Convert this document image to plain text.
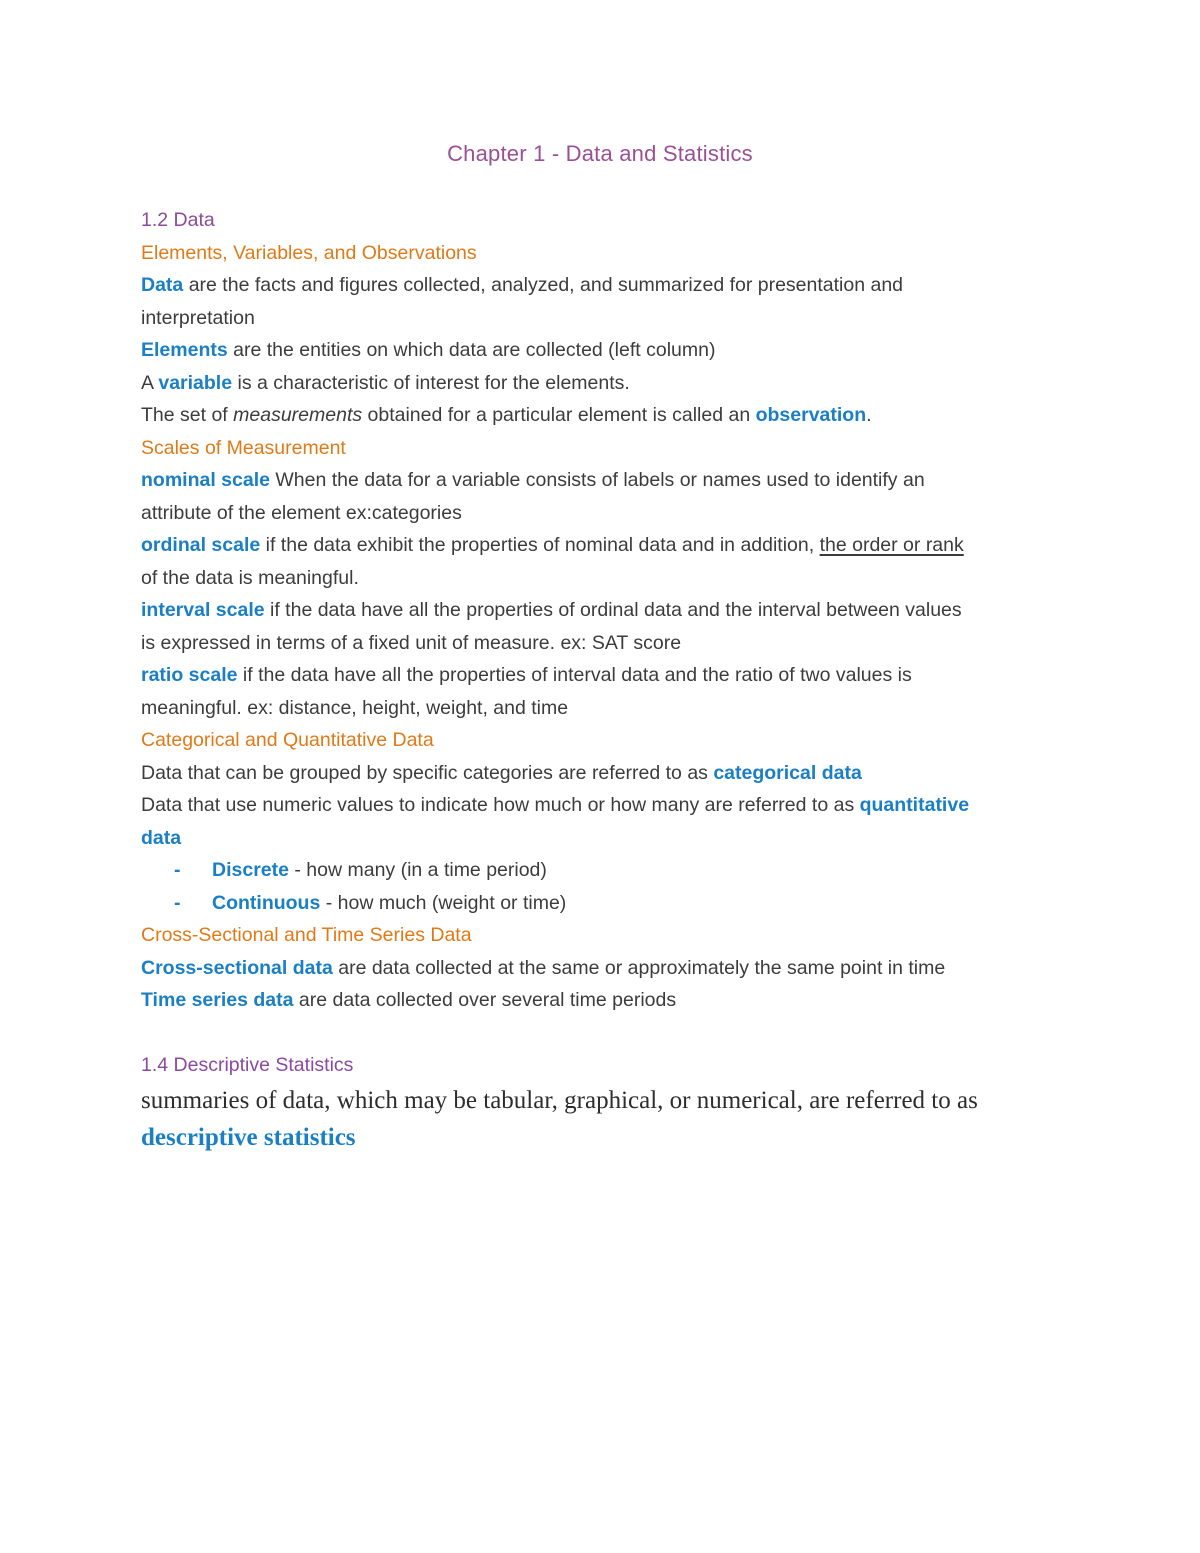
Chapter 1 - Data and Statistics
1.2 Data
Elements, Variables, and Observations
Data are the facts and figures collected, analyzed, and summarized for presentation and
interpretation
Elements are the entities on which data are collected (left column)
A variable is a characteristic of interest for the elements.
The set of measurements obtained for a particular element is called an observation.
Scales of Measurement
nominal scale When the data for a variable consists of labels or names used to identify an
attribute of the element ex:categories
ordinal scale if the data exhibit the properties of nominal data and in addition, the order or rank
of the data is meaningful.
interval scale if the data have all the properties of ordinal data and the interval between values
is expressed in terms of a fixed unit of measure. ex: SAT score
ratio scale if the data have all the properties of interval data and the ratio of two values is
meaningful. ex: distance, height, weight, and time
Categorical and Quantitative Data
Data that can be grouped by specific categories are referred to as categorical data
Data that use numeric values to indicate how much or how many are referred to as quantitative
data
-	Discrete - how many (in a time period)
-	Continuous - how much (weight or time)
Cross-Sectional and Time Series Data
Cross-sectional data are data collected at the same or approximately the same point in time
Time series data are data collected over several time periods
1.4 Descriptive Statistics
summaries of data, which may be tabular, graphical, or numerical, are referred to as
descriptive statistics
